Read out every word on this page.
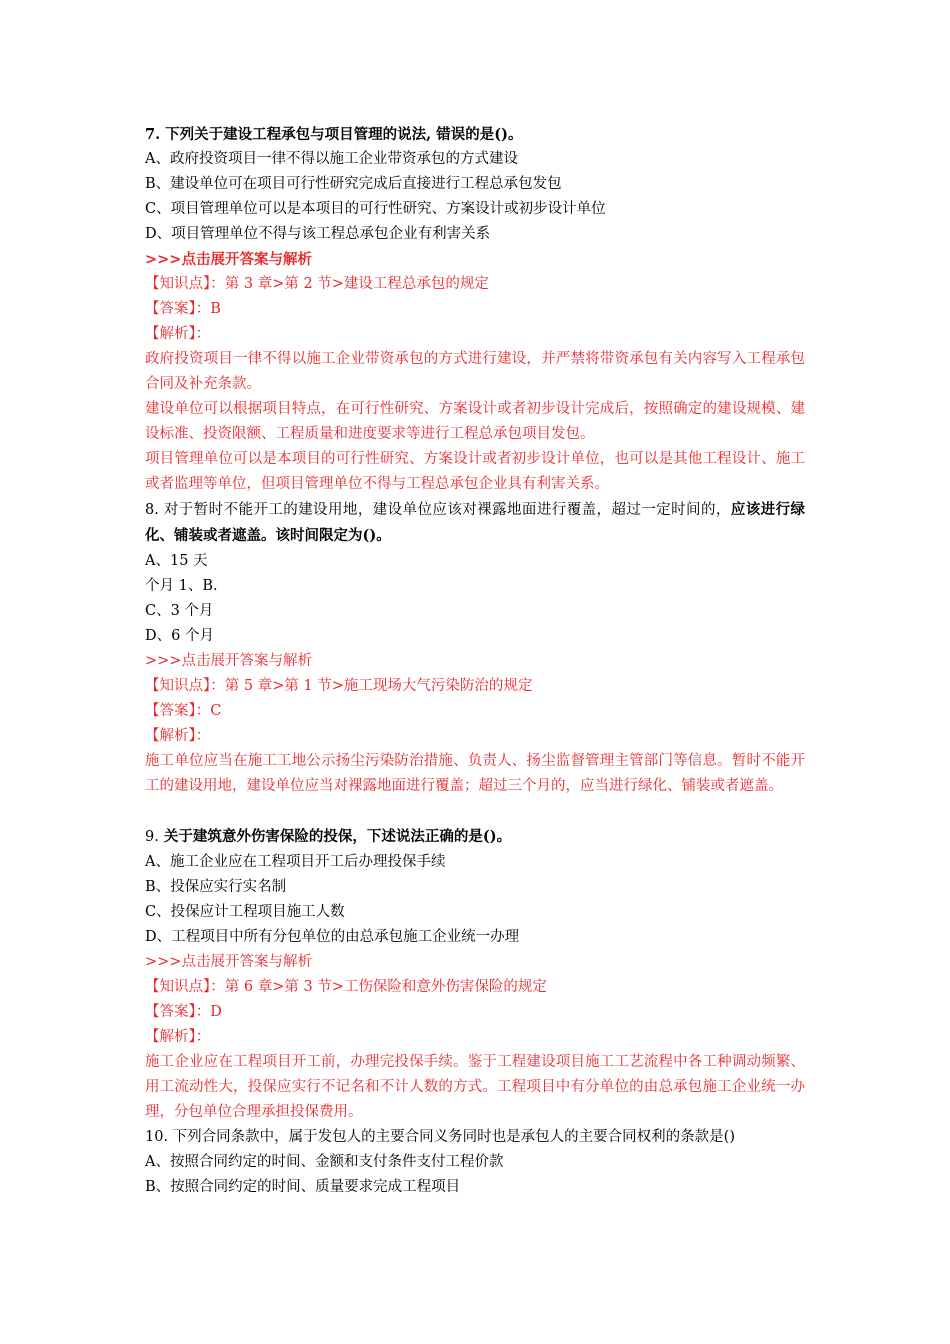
7. 下列关于建设工程承包与项目管理的说法, 错误的是()。
A、政府投资项目一律不得以施工企业带资承包的方式建设
B、建设单位可在项目可行性研究完成后直接进行工程总承包发包
C、项目管理单位可以是本项目的可行性研究、方案设计或初步设计单位
D、项目管理单位不得与该工程总承包企业有利害关系
>>>点击展开答案与解析
【知识点】：第 3 章>第 2 节>建设工程总承包的规定
【答案】：B
【解析】：
政府投资项目一律不得以施工企业带资承包的方式进行建设，并严禁将带资承包有关内容写入工程承包合同及补充条款。
建设单位可以根据项目特点，在可行性研究、方案设计或者初步设计完成后，按照确定的建设规模、建设标准、投资限额、工程质量和进度要求等进行工程总承包项目发包。
项目管理单位可以是本项目的可行性研究、方案设计或者初步设计单位，也可以是其他工程设计、施工或者监理等单位，但项目管理单位不得与工程总承包企业具有利害关系。
8. 对于暂时不能开工的建设用地，建设单位应该对裸露地面进行覆盖，超过一定时间的，应该进行绿化、铺装或者遮盖。该时间限定为()。
A、15 天
个月 1、B.
C、3 个月
D、6 个月
>>>点击展开答案与解析
【知识点】：第 5 章>第 1 节>施工现场大气污染防治的规定
【答案】：C
【解析】：
施工单位应当在施工工地公示扬尘污染防治措施、负责人、扬尘监督管理主管部门等信息。暂时不能开工的建设用地，建设单位应当对裸露地面进行覆盖；超过三个月的，应当进行绿化、铺装或者遮盖。
9. 关于建筑意外伤害保险的投保，下述说法正确的是()。
A、施工企业应在工程项目开工后办理投保手续
B、投保应实行实名制
C、投保应计工程项目施工人数
D、工程项目中所有分包单位的由总承包施工企业统一办理
>>>点击展开答案与解析
【知识点】：第 6 章>第 3 节>工伤保险和意外伤害保险的规定
【答案】：D
【解析】：
施工企业应在工程项目开工前，办理完投保手续。鉴于工程建设项目施工工艺流程中各工种调动频繁、用工流动性大，投保应实行不记名和不计人数的方式。工程项目中有分单位的由总承包施工企业统一办理，分包单位合理承担投保费用。
10. 下列合同条款中，属于发包人的主要合同义务同时也是承包人的主要合同权利的条款是()
A、按照合同约定的时间、金额和支付条件支付工程价款
B、按照合同约定的时间、质量要求完成工程项目
